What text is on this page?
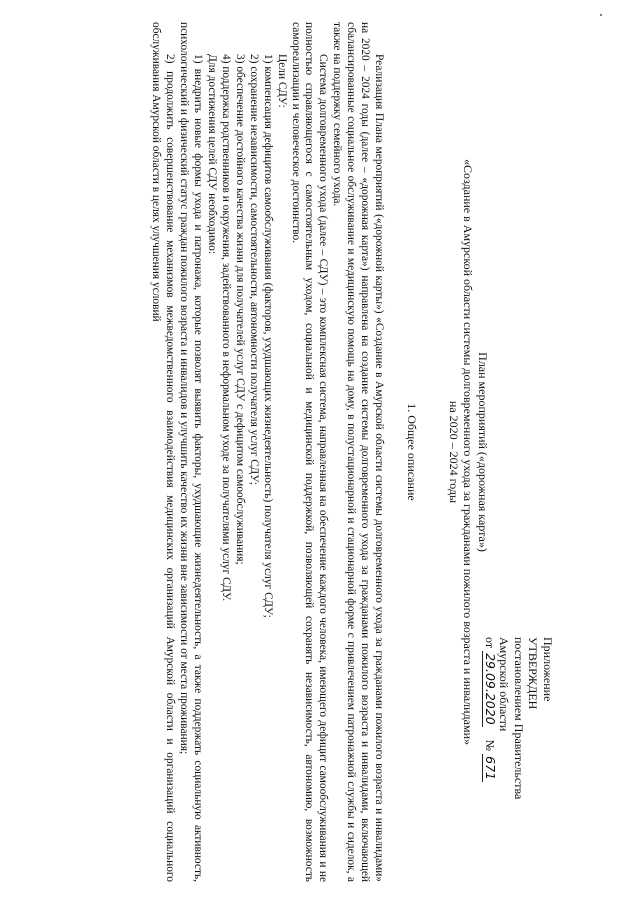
Приложение
УТВЕРЖДЕН
постановлением Правительства
Амурской области
от 29.09.2020 № 671
План мероприятий («дорожная карта»)
«Создание в Амурской области системы долговременного ухода за гражданами пожилого возраста и инвалидами»
на 2020 – 2024 годы
1. Общее описание

Реализация Плана мероприятий («дорожной карты») «Создание в Амурской области системы долговременного ухода за гражданами пожилого возраста и инвалидами» на 2020 – 2024 годы (далее – «дорожная карта») направлена на создание системы долговременного ухода за гражданами пожилого возраста и инвалидами, включающей сбалансированные социальное обслуживание и медицинскую помощь на дому, в полустационарной и стационарной форме с привлечением патронажной службы и сиделок, а также на поддержку семейного ухода.

Система долговременного ухода (далее – СДУ) – это комплексная система, направленная на обеспечение каждого человека, имеющего дефицит самообслуживания и не полностью справляющегося с самостоятельным уходом, социальной и медицинской поддержкой, позволяющей сохранять независимость, автономию, возможность самореализации и человеческое достоинство.

Цели СДУ:

1) компенсация дефицитов самообслуживания (факторов, ухудшающих жизнедеятельность) получателя услуг СДУ;

2) сохранение независимости, самостоятельности, автономности получателя услуг СДУ;

3) обеспечение достойного качества жизни для получателей услуг СДУ с дефицитом самообслуживания;

4) поддержка родственников и окружения, задействованного в неформальном уходе за получателями услуг СДУ.

Для достижения целей СДУ необходимо:

1) внедрить новые формы ухода и патронажа, которые позволят выявить факторы, ухудшающие жизнедеятельность, а также поддержать социальную активность, психологический и физический статус граждан пожилого возраста и инвалидов и улучшить качество их жизни вне зависимости от места проживания;

2) продолжить совершенствование механизмов межведомственного взаимодействия медицинских организаций Амурской области и организаций социального обслуживания Амурской области в целях улучшения условий
